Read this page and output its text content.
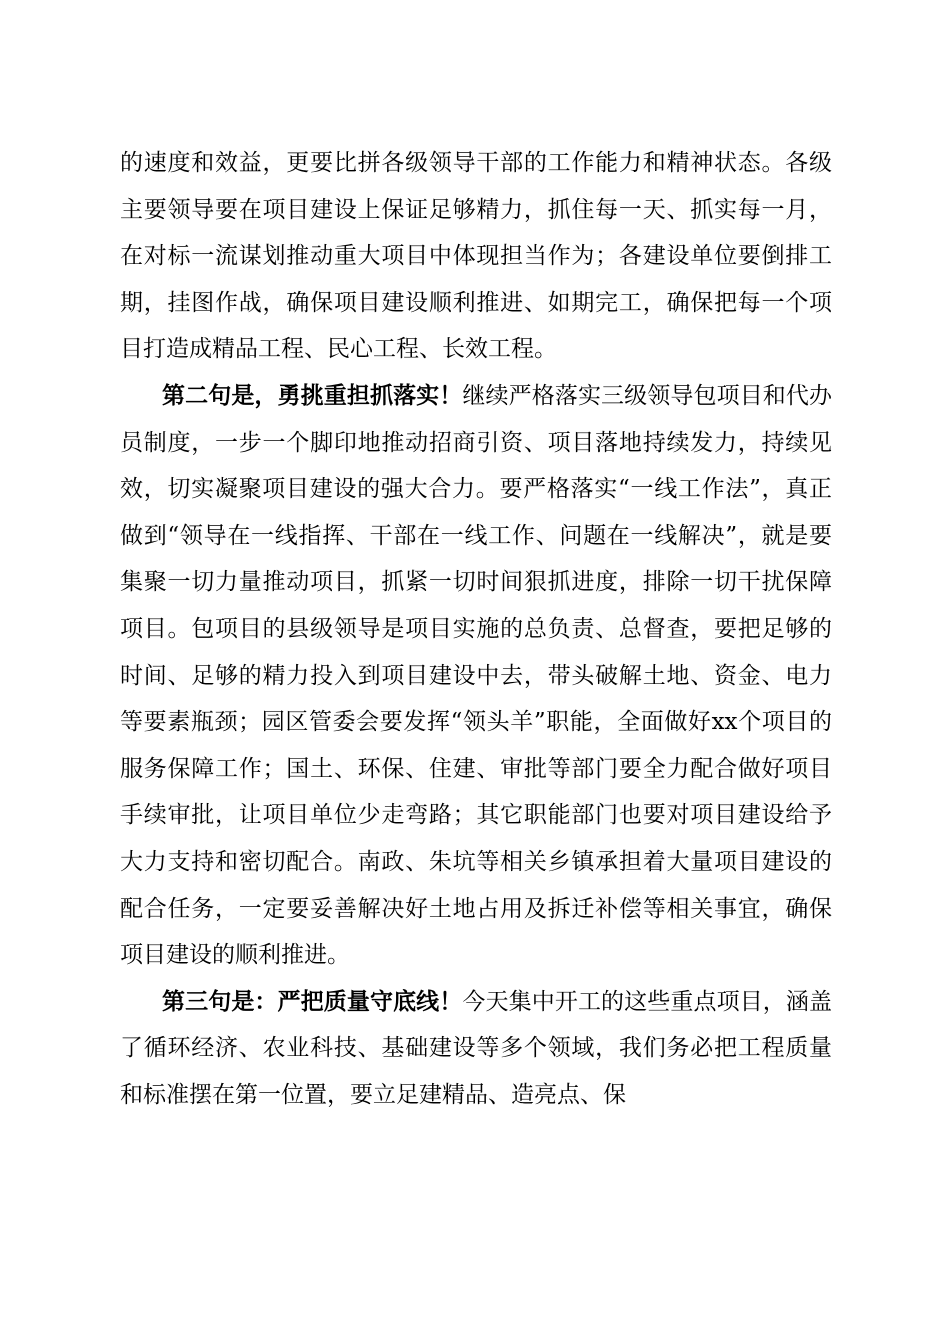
的速度和效益，更要比拼各级领导干部的工作能力和精神状态。各级主要领导要在项目建设上保证足够精力，抓住每一天、抓实每一月，在对标一流谋划推动重大项目中体现担当作为；各建设单位要倒排工期，挂图作战，确保项目建设顺利推进、如期完工，确保把每一个项目打造成精品工程、民心工程、长效工程。

第二句是，勇挑重担抓落实！继续严格落实三级领导包项目和代办员制度，一步一个脚印地推动招商引资、项目落地持续发力，持续见效，切实凝聚项目建设的强大合力。要严格落实“一线工作法”，真正做到“领导在一线指挥、干部在一线工作、问题在一线解决”，就是要集聚一切力量推动项目，抓紧一切时间狠抓进度，排除一切干扰保障项目。包项目的县级领导是项目实施的总负责、总督查，要把足够的时间、足够的精力投入到项目建设中去，带头破解土地、资金、电力等要素瓶颈；园区管委会要发挥“领头羊”职能，全面做好xx个项目的服务保障工作；国土、环保、住建、审批等部门要全力配合做好项目手续审批，让项目单位少走弯路；其它职能部门也要对项目建设给予大力支持和密切配合。南政、朱坑等相关乡镇承担着大量项目建设的配合任务，一定要妥善解决好土地占用及拆迁补偿等相关事宜，确保项目建设的顺利推进。

第三句是：严把质量守底线！今天集中开工的这些重点项目，涵盖了循环经济、农业科技、基础建设等多个领域，我们务必把工程质量和标准摆在第一位置，要立足建精品、造亮点、保
